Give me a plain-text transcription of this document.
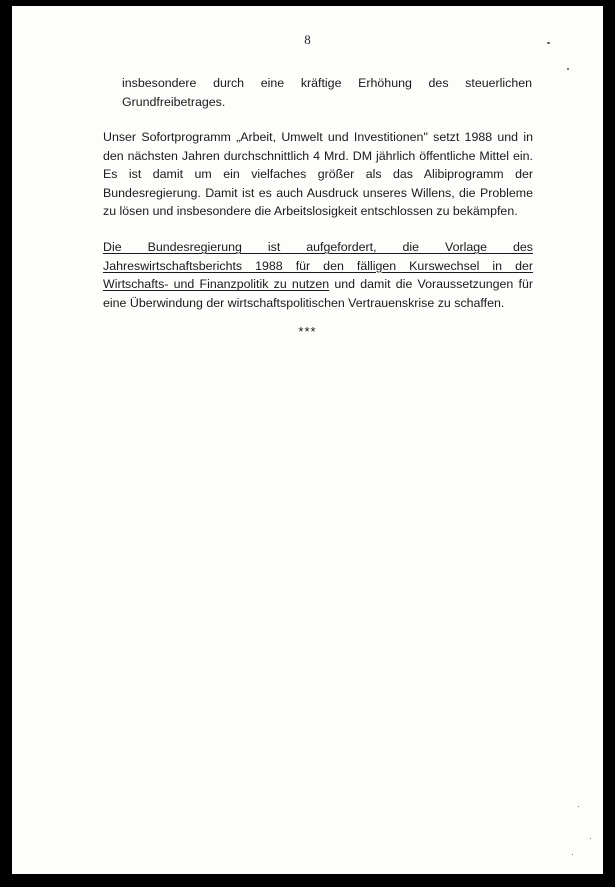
8

insbesondere durch eine kräftige Erhöhung des steuerlichen Grundfreibetrages.

Unser Sofortprogramm „Arbeit, Umwelt und Investitionen" setzt 1988 und in den nächsten Jahren durchschnittlich 4 Mrd. DM jährlich öffentliche Mittel ein. Es ist damit um ein vielfaches größer als das Alibiprogramm der Bundesregierung. Damit ist es auch Ausdruck unseres Willens, die Probleme zu lösen und insbesondere die Arbeitslosigkeit entschlossen zu bekämpfen.

Die Bundesregierung ist aufgefordert, die Vorlage des Jahreswirtschaftsberichts 1988 für den fälligen Kurswechsel in der Wirtschafts- und Finanzpolitik zu nutzen und damit die Voraussetzungen für eine Überwindung der wirtschaftspolitischen Vertrauenskrise zu schaffen.

***
